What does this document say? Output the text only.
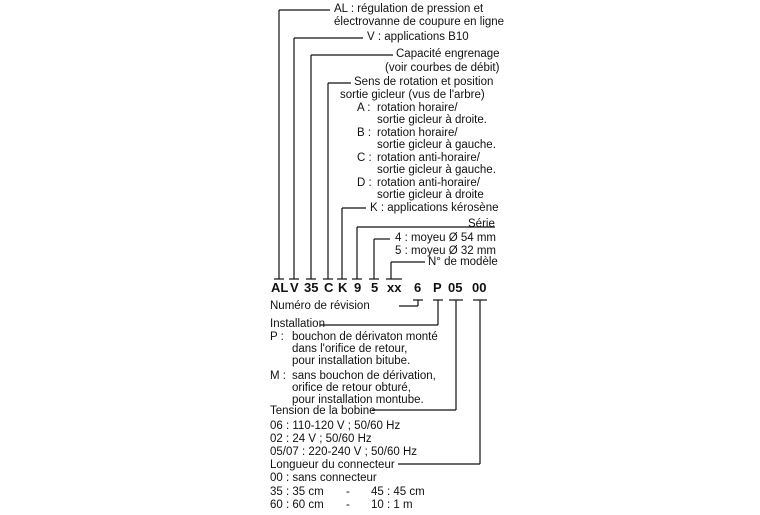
AL : régulation de pression et
électrovanne de coupure en ligne
V : applications B10
Capacité engrenage
(voir courbes de débit)
Sens de rotation et position
sortie gicleur (vus de l'arbre)
A : rotation horaire/
sortie gicleur à droite.
B : rotation horaire/
sortie gicleur à gauche.
C : rotation anti-horaire/
sortie gicleur à gauche.
D : rotation anti-horaire/
sortie gicleur à droite
K : applications kérosène
Série
4 : moyeu Ø 54 mm
5 : moyeu Ø 32 mm
N° de modèle
AL V 35 C K 9 5 xx 6 P 05 00
Numéro de révision
Installation
P : bouchon de dérivaton monté
dans l'orifice de retour,
pour installation bitube.
M : sans bouchon de dérivation,
orifice de retour obturé,
pour installation montube.
Tension de la bobine
06 : 110-120 V ; 50/60 Hz
02 : 24 V ; 50/60 Hz
05/07 : 220-240 V ; 50/60 Hz
Longueur du connecteur
00 : sans connecteur
35 : 35 cm - 45 : 45 cm
60 : 60 cm - 10 : 1 m
